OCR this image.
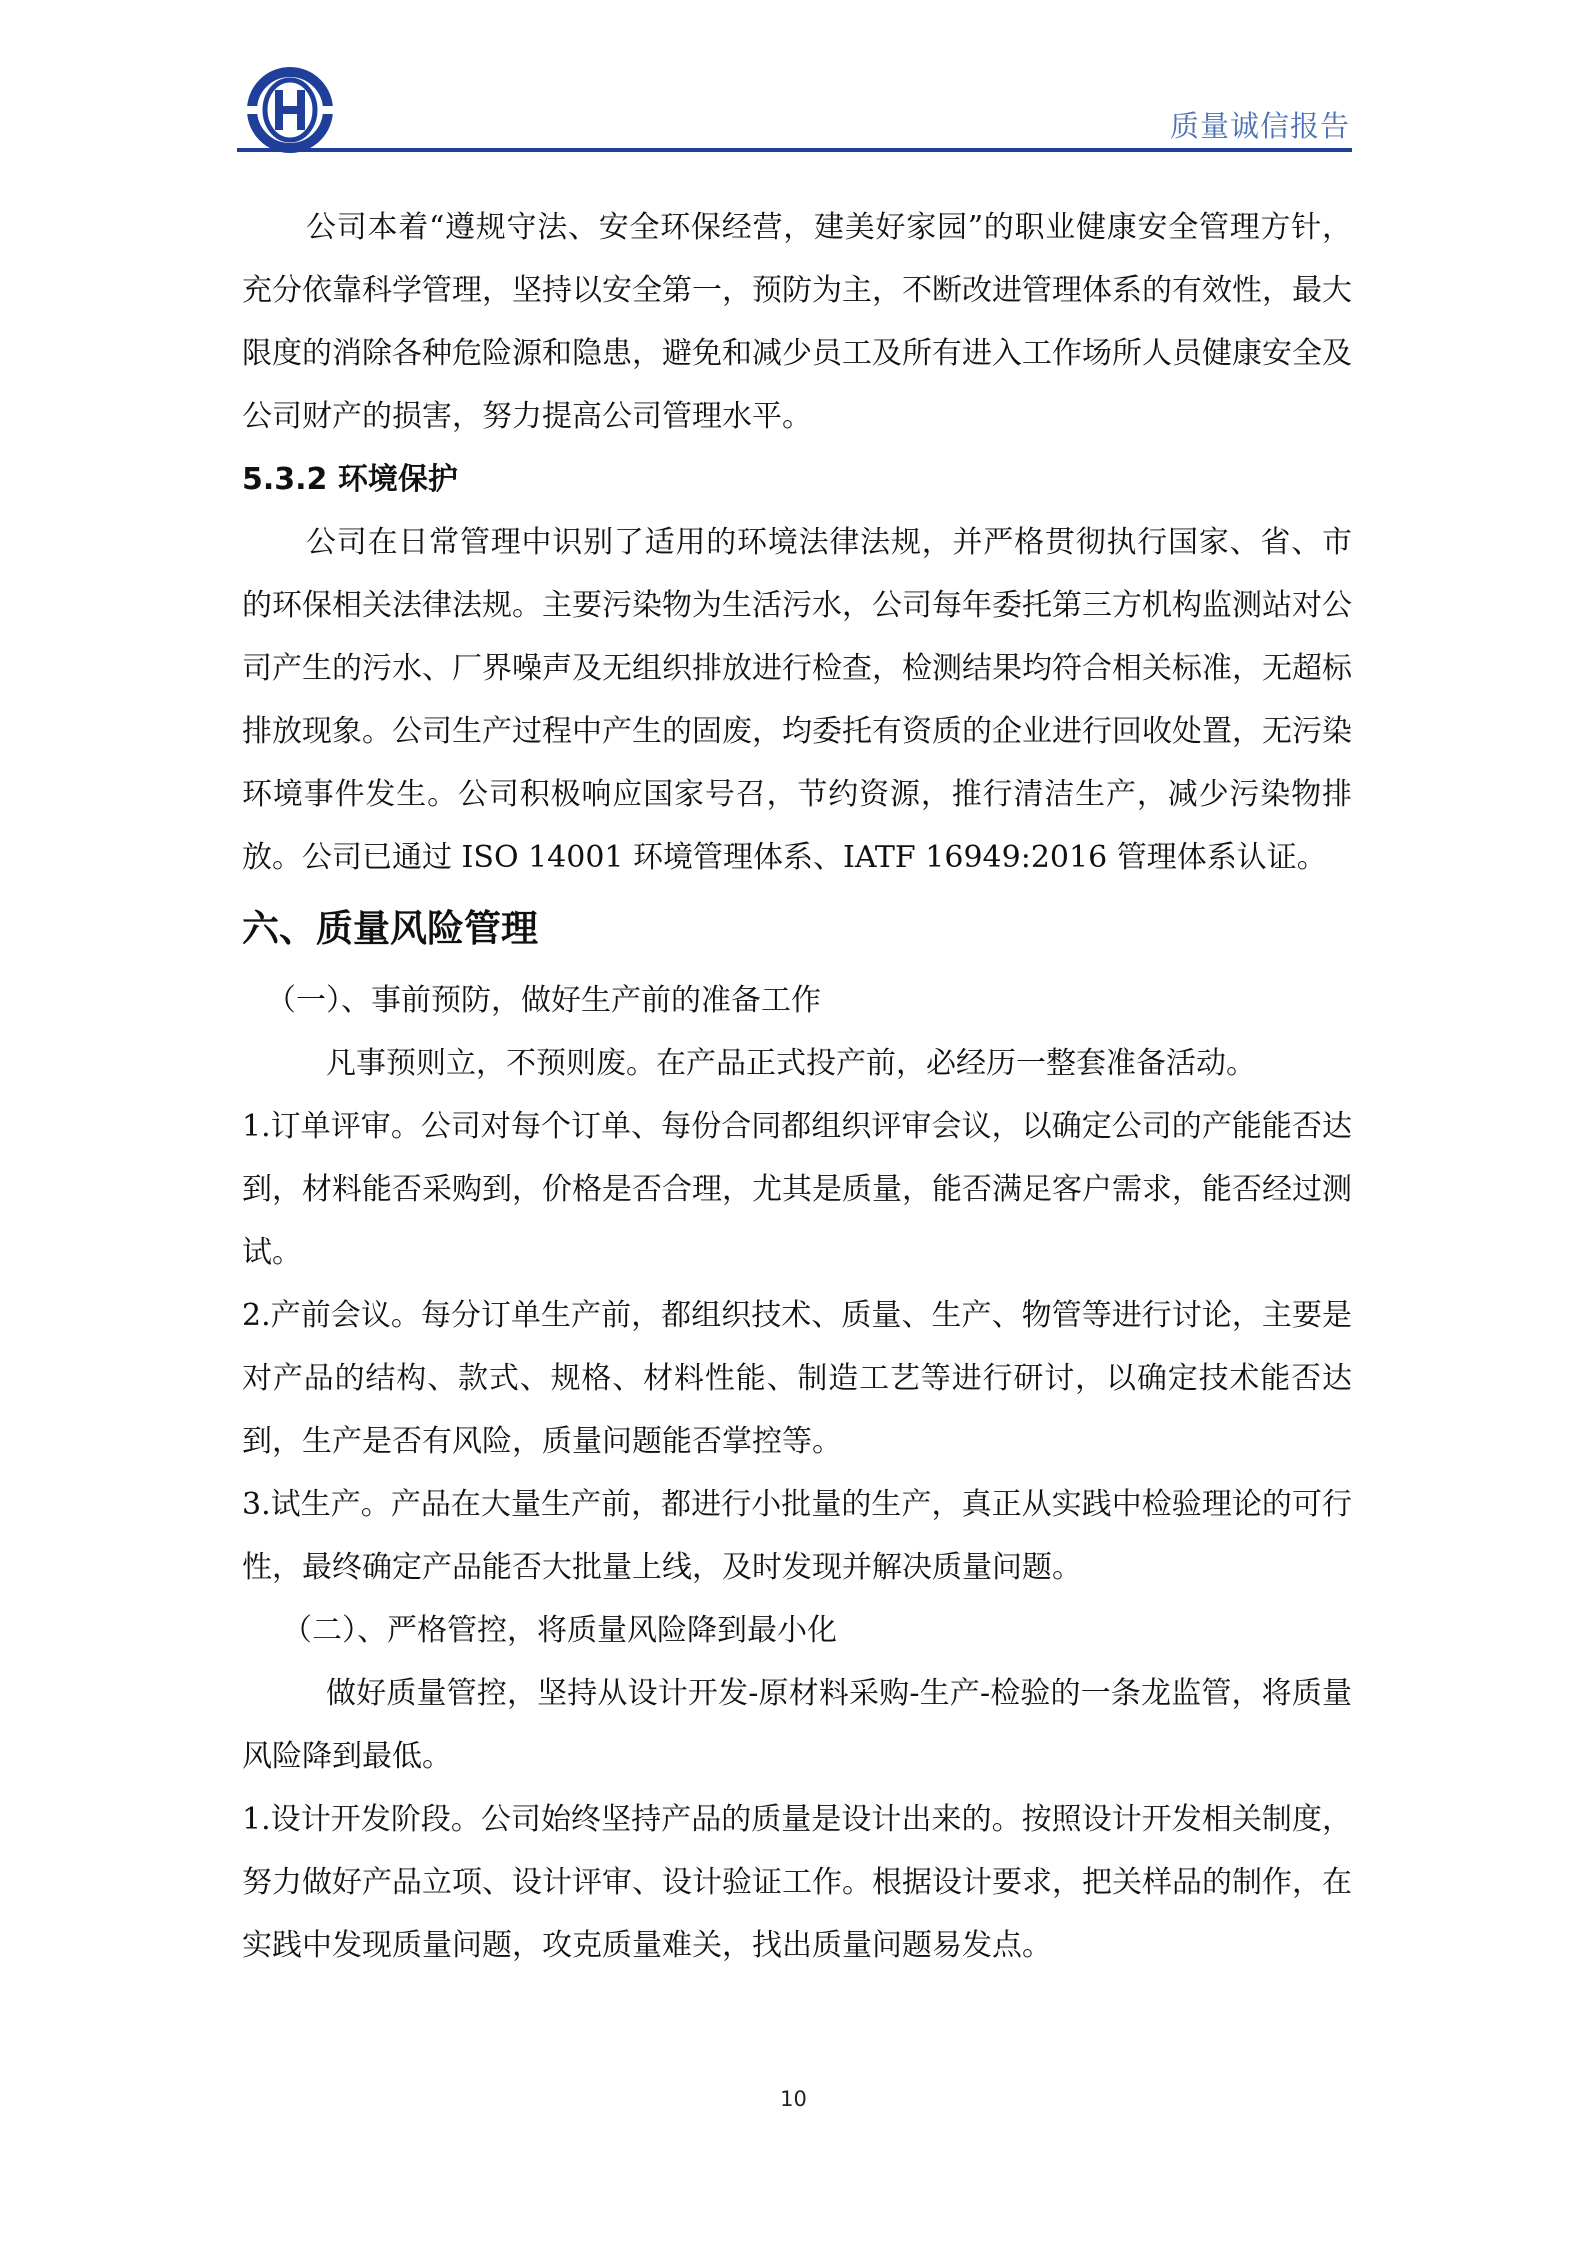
质量诚信报告

公司本着“遵规守法、安全环保经营，建美好家园”的职业健康安全管理方针，充分依靠科学管理，坚持以安全第一，预防为主，不断改进管理体系的有效性，最大限度的消除各种危险源和隐患，避免和减少员工及所有进入工作场所人员健康安全及公司财产的损害，努力提高公司管理水平。

5.3.2 环境保护

公司在日常管理中识别了适用的环境法律法规，并严格贯彻执行国家、省、市的环保相关法律法规。主要污染物为生活污水，公司每年委托第三方机构监测站对公司产生的污水、厂界噪声及无组织排放进行检查，检测结果均符合相关标准，无超标排放现象。公司生产过程中产生的固废，均委托有资质的企业进行回收处置，无污染环境事件发生。公司积极响应国家号召，节约资源，推行清洁生产，减少污染物排放。公司已通过 ISO 14001 环境管理体系、IATF 16949:2016 管理体系认证。

六、质量风险管理

（一）、事前预防，做好生产前的准备工作

凡事预则立，不预则废。在产品正式投产前，必经历一整套准备活动。

1.订单评审。公司对每个订单、每份合同都组织评审会议，以确定公司的产能能否达到，材料能否采购到，价格是否合理，尤其是质量，能否满足客户需求，能否经过测试。

2.产前会议。每分订单生产前，都组织技术、质量、生产、物管等进行讨论，主要是对产品的结构、款式、规格、材料性能、制造工艺等进行研讨，以确定技术能否达到，生产是否有风险，质量问题能否掌控等。

3.试生产。产品在大量生产前，都进行小批量的生产，真正从实践中检验理论的可行性，最终确定产品能否大批量上线，及时发现并解决质量问题。

（二）、严格管控，将质量风险降到最小化

做好质量管控，坚持从设计开发-原材料采购-生产-检验的一条龙监管，将质量风险降到最低。

1.设计开发阶段。公司始终坚持产品的质量是设计出来的。按照设计开发相关制度，努力做好产品立项、设计评审、设计验证工作。根据设计要求，把关样品的制作，在实践中发现质量问题，攻克质量难关，找出质量问题易发点。

10
